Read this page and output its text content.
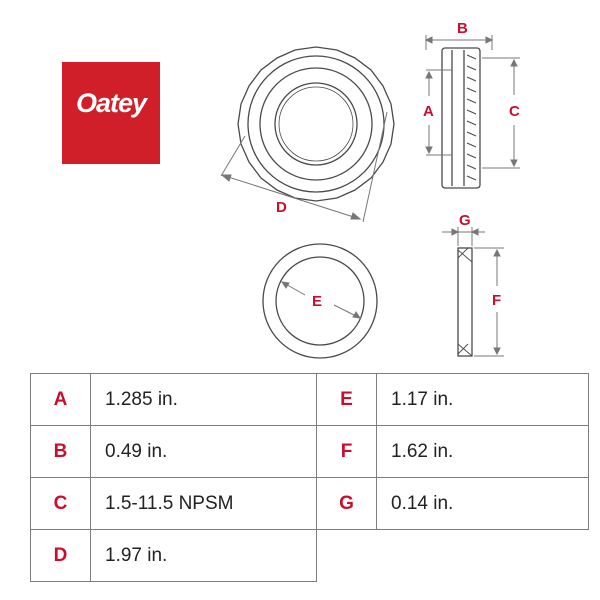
D
B
A	C
E
G
F
Oatey
A	1.285 in.	E	1.17 in.
B	0.49 in.	F	1.62 in.
C	1.5-11.5 NPSM	G	0.14 in.
D	1.97 in.		
